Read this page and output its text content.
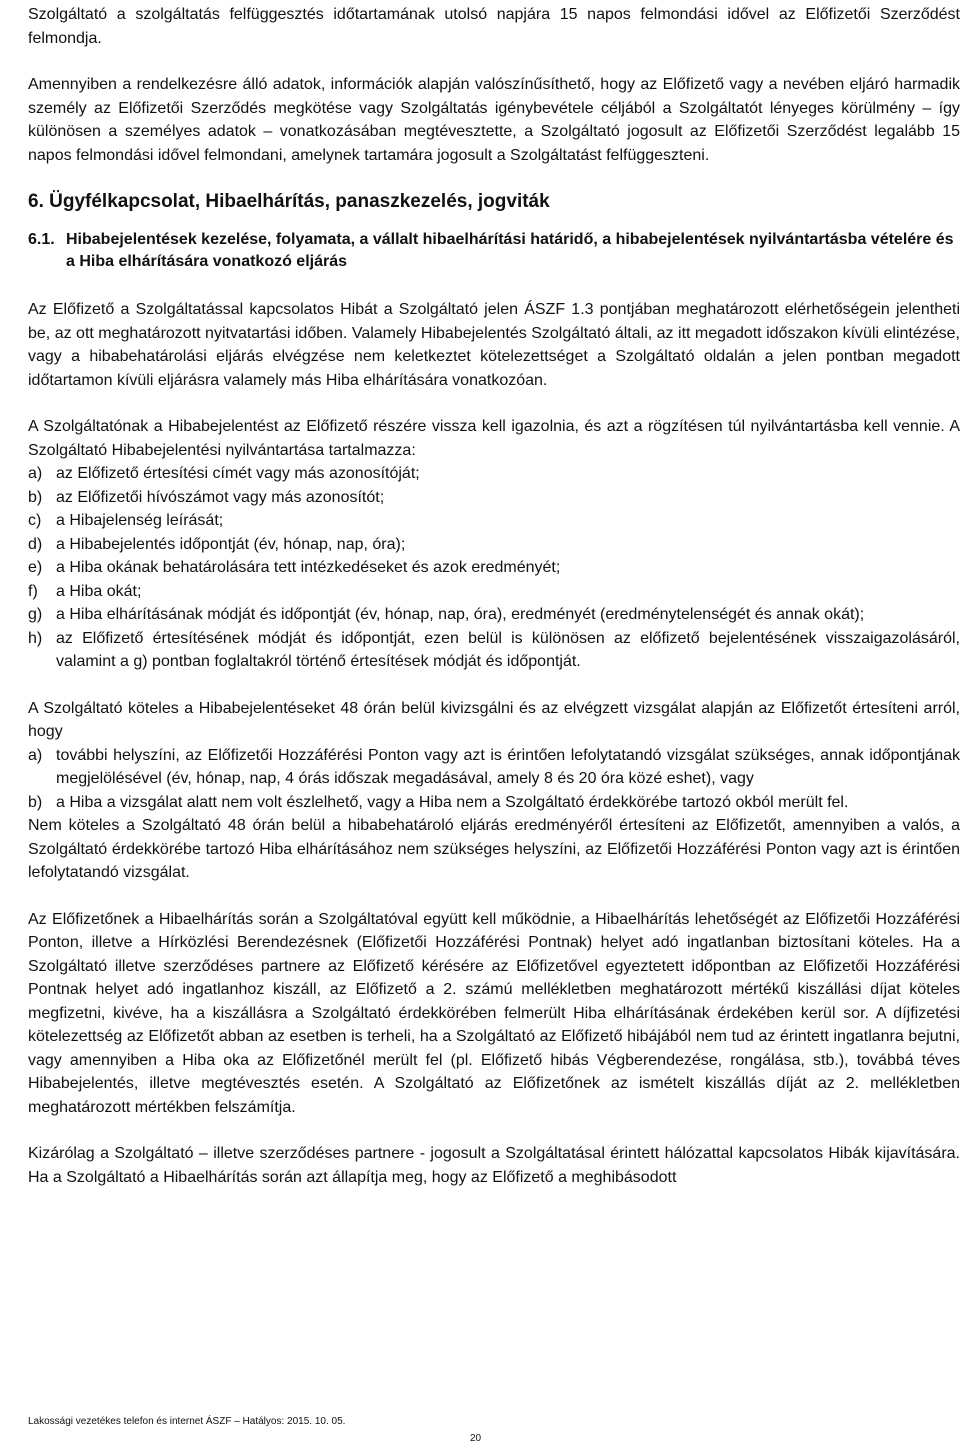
Szolgáltató a szolgáltatás felfüggesztés időtartamának utolsó napjára 15 napos felmondási idővel az Előfizetői Szerződést felmondja.

Amennyiben a rendelkezésre álló adatok, információk alapján valószínűsíthető, hogy az Előfizető vagy a nevében eljáró harmadik személy az Előfizetői Szerződés megkötése vagy Szolgáltatás igénybevétele céljából a Szolgáltatót lényeges körülmény – így különösen a személyes adatok – vonatkozásában megtévesztette, a Szolgáltató jogosult az Előfizetői Szerződést legalább 15 napos felmondási idővel felmondani, amelynek tartamára jogosult a Szolgáltatást felfüggeszteni.

6. Ügyfélkapcsolat, Hibaelhárítás, panaszkezelés, jogviták
6.1. Hibabejelentések kezelése, folyamata, a vállalt hibaelhárítási határidő, a hibabejelentések nyilvántartásba vételére és a Hiba elhárítására vonatkozó eljárás

Az Előfizető a Szolgáltatással kapcsolatos Hibát a Szolgáltató jelen ÁSZF 1.3 pontjában meghatározott elérhetőségein jelentheti be, az ott meghatározott nyitvatartási időben. Valamely Hibabejelentés Szolgáltató általi, az itt megadott időszakon kívüli elintézése, vagy a hibabehatárolási eljárás elvégzése nem keletkeztet kötelezettséget a Szolgáltató oldalán a jelen pontban megadott időtartamon kívüli eljárásra valamely más Hiba elhárítására vonatkozóan.

A Szolgáltatónak a Hibabejelentést az Előfizető részére vissza kell igazolnia, és azt a rögzítésen túl nyilvántartásba kell vennie. A Szolgáltató Hibabejelentési nyilvántartása tartalmazza:

a) az Előfizető értesítési címét vagy más azonosítóját;
b) az Előfizetői hívószámot vagy más azonosítót;
c) a Hibajelenség leírását;
d) a Hibabejelentés időpontját (év, hónap, nap, óra);
e) a Hiba okának behatárolására tett intézkedéseket és azok eredményét;
f)	a Hiba okát;
g) a Hiba elhárításának módját és időpontját (év, hónap, nap, óra), eredményét (eredménytelenségét és annak okát);
h) az Előfizető értesítésének módját és időpontját, ezen belül is különösen az előfizető bejelentésének visszaigazolásáról, valamint a g) pontban foglaltakról történő értesítések módját és időpontját.

A Szolgáltató köteles a Hibabejelentéseket 48 órán belül kivizsgálni és az elvégzett vizsgálat alapján az Előfizetőt értesíteni arról, hogy

a) további helyszíni, az Előfizetői Hozzáférési Ponton vagy azt is érintően lefolytatandó vizsgálat szükséges, annak időpontjának megjelölésével (év, hónap, nap, 4 órás időszak megadásával, amely 8 és 20 óra közé eshet), vagy
b) a Hiba a vizsgálat alatt nem volt észlelhető, vagy a Hiba nem a Szolgáltató érdekkörébe tartozó okból merült fel.

Nem köteles a Szolgáltató 48 órán belül a hibabehatároló eljárás eredményéről értesíteni az Előfizetőt, amennyiben a valós, a Szolgáltató érdekkörébe tartozó Hiba elhárításához nem szükséges helyszíni, az Előfizetői Hozzáférési Ponton vagy azt is érintően lefolytatandó vizsgálat.

Az Előfizetőnek a Hibaelhárítás során a Szolgáltatóval együtt kell működnie, a Hibaelhárítás lehetőségét az Előfizetői Hozzáférési Ponton, illetve a Hírközlési Berendezésnek (Előfizetői Hozzáférési Pontnak) helyet adó ingatlanban biztosítani köteles. Ha a Szolgáltató illetve szerződéses partnere az Előfizető kérésére az Előfizetővel egyeztetett időpontban az Előfizetői Hozzáférési Pontnak helyet adó ingatlanhoz kiszáll, az Előfizető a 2. számú mellékletben meghatározott mértékű kiszállási díjat köteles megfizetni, kivéve, ha a kiszállásra a Szolgáltató érdekkörében felmerült Hiba elhárításának érdekében kerül sor. A díjfizetési kötelezettség az Előfizetőt abban az esetben is terheli, ha a Szolgáltató az Előfizető hibájából nem tud az érintett ingatlanra bejutni, vagy amennyiben a Hiba oka az Előfizetőnél merült fel (pl. Előfizető hibás Végberendezése, rongálása, stb.), továbbá téves Hibabejelentés, illetve megtévesztés esetén. A Szolgáltató az Előfizetőnek az ismételt kiszállás díját az 2. mellékletben meghatározott mértékben felszámítja.

Kizárólag a Szolgáltató – illetve szerződéses partnere - jogosult a Szolgáltatásal érintett hálózattal kapcsolatos Hibák kijavítására. Ha a Szolgáltató a Hibaelhárítás során azt állapítja meg, hogy az Előfizető a meghibásodott

Lakossági vezetékes telefon és internet ÁSZF – Hatályos: 2015. 10. 05.
20
